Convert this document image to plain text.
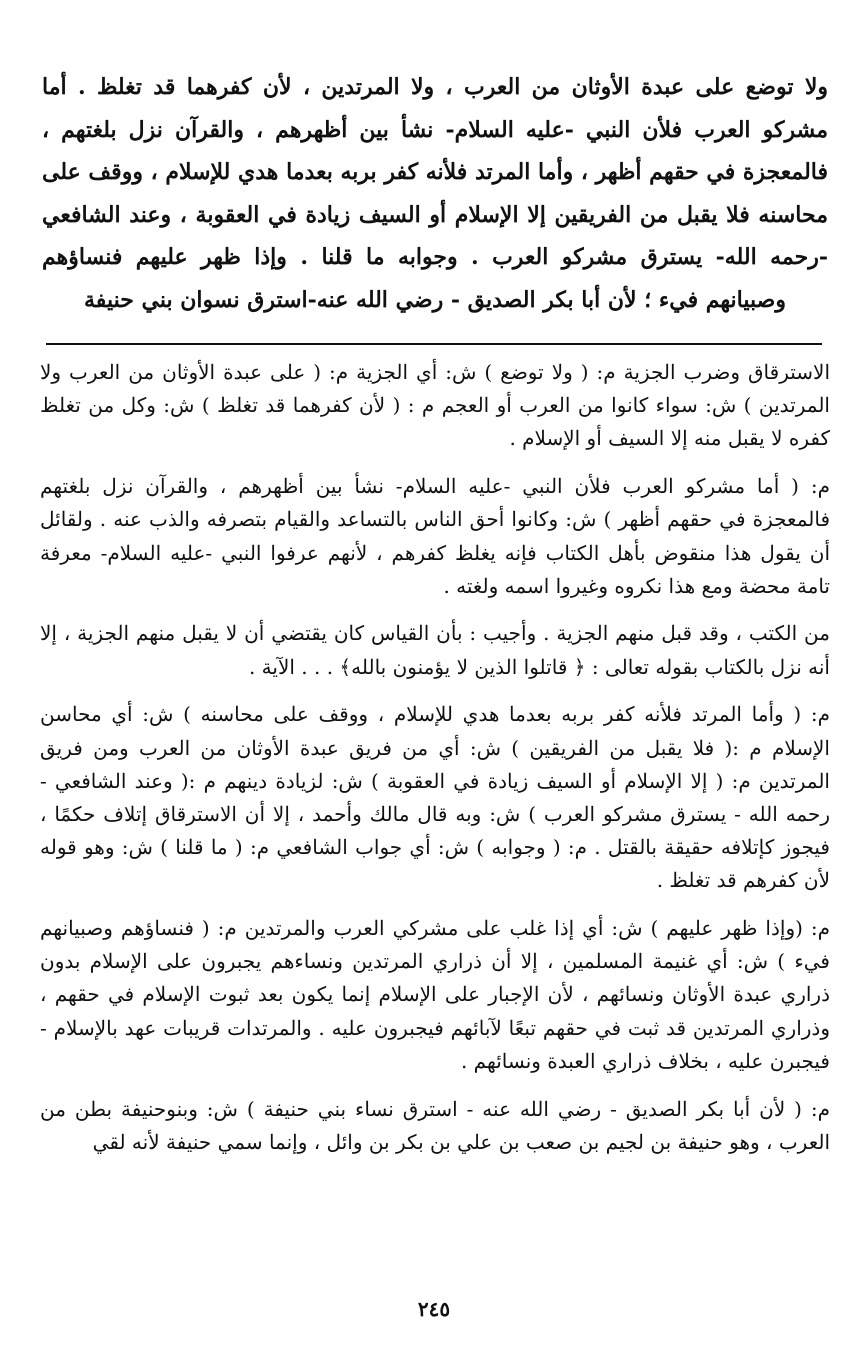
ولا توضع على عبدة الأوثان من العرب ، ولا المرتدين ، لأن كفرهما قد تغلظ . أما مشركو العرب فلأن النبي -عليه السلام- نشأ بين أظهرهم ، والقرآن نزل بلغتهم ، فالمعجزة في حقهم أظهر ، وأما المرتد فلأنه كفر بربه بعدما هدي للإسلام ، ووقف على محاسنه فلا يقبل من الفريقين إلا الإسلام أو السيف زيادة في العقوبة ، وعند الشافعي -رحمه الله- يسترق مشركو العرب . وجوابه ما قلنا . وإذا ظهر عليهم فنساؤهم وصبيانهم فيء ؛ لأن أبا بكر الصديق - رضي الله عنه-استرق نسوان بني حنيفة

الاسترقاق وضرب الجزية م: ( ولا توضع ) ش: أي الجزية م: ( على عبدة الأوثان من العرب ولا المرتدين ) ش: سواء كانوا من العرب أو العجم م : ( لأن كفرهما قد تغلظ ) ش: وكل من تغلظ كفره لا يقبل منه إلا السيف أو الإسلام .

م: ( أما مشركو العرب فلأن النبي -عليه السلام- نشأ بين أظهرهم ، والقرآن نزل بلغتهم فالمعجزة في حقهم أظهر ) ش: وكانوا أحق الناس بالتساعد والقيام بتصرفه والذب عنه . ولقائل أن يقول هذا منقوض بأهل الكتاب فإنه يغلظ كفرهم ، لأنهم عرفوا النبي -عليه السلام- معرفة تامة محضة ومع هذا نكروه وغيروا اسمه ولغته .

من الكتب ، وقد قبل منهم الجزية . وأجيب : بأن القياس كان يقتضي أن لا يقبل منهم الجزية ، إلا أنه نزل بالكتاب بقوله تعالى : ﴿ قاتلوا الذين لا يؤمنون بالله﴾ . . . الآية .

م: ( وأما المرتد فلأنه كفر بربه بعدما هدي للإسلام ، ووقف على محاسنه ) ش: أي محاسن الإسلام م :( فلا يقبل من الفريقين ) ش: أي من فريق عبدة الأوثان من العرب ومن فريق المرتدين م: ( إلا الإسلام أو السيف زيادة في العقوبة ) ش: لزيادة دينهم م :( وعند الشافعي - رحمه الله - يسترق مشركو العرب ) ش: وبه قال مالك وأحمد ، إلا أن الاسترقاق إتلاف حكمًا ، فيجوز كإتلافه حقيقة بالقتل . م: ( وجوابه ) ش: أي جواب الشافعي م: ( ما قلنا ) ش: وهو قوله لأن كفرهم قد تغلظ .

م: (وإذا ظهر عليهم ) ش: أي إذا غلب على مشركي العرب والمرتدين م: ( فنساؤهم وصبيانهم فيء ) ش: أي غنيمة المسلمين ، إلا أن ذراري المرتدين ونساءهم يجبرون على الإسلام بدون ذراري عبدة الأوثان ونسائهم ، لأن الإجبار على الإسلام إنما يكون بعد ثبوت الإسلام في حقهم ، وذراري المرتدين قد ثبت في حقهم تبعًا لآبائهم فيجبرون عليه . والمرتدات قريبات عهد بالإسلام - فيجبرن عليه ، بخلاف ذراري العبدة ونسائهم .

م: ( لأن أبا بكر الصديق - رضي الله عنه - استرق نساء بني حنيفة ) ش: وبنوحنيفة بطن من العرب ، وهو حنيفة بن لجيم بن صعب بن علي بن بكر بن وائل ، وإنما سمي حنيفة لأنه لقي

٢٤٥
